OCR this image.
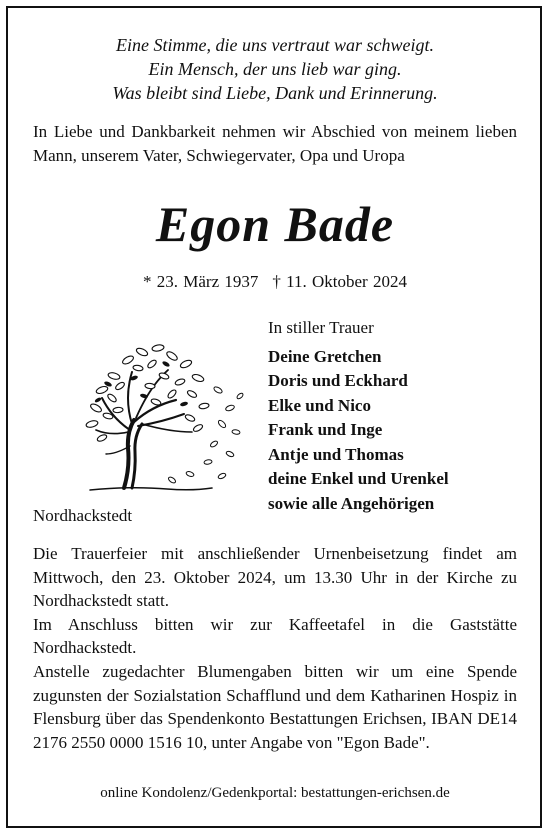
Eine Stimme, die uns vertraut war schweigt.
Ein Mensch, der uns lieb war ging.
Was bleibt sind Liebe, Dank und Erinnerung.
In Liebe und Dankbarkeit nehmen wir Abschied von meinem lieben Mann, unserem Vater, Schwiegervater, Opa und Uropa
Egon Bade
* 23. März 1937 † 11. Oktober 2024
In stiller Trauer
Deine Gretchen
Doris und Eckhard
Elke und Nico
Frank und Inge
Antje und Thomas
deine Enkel und Urenkel
sowie alle Angehörigen
Nordhackstedt

Die Trauerfeier mit anschließender Urnenbeisetzung findet am Mittwoch, den 23. Oktober 2024, um 13.30 Uhr in der Kirche zu Nordhackstedt statt.

Im Anschluss bitten wir zur Kaffeetafel in die Gaststätte Nordhackstedt.

Anstelle zugedachter Blumengaben bitten wir um eine Spende zugunsten der Sozialstation Schafflund und dem Katharinen Hospiz in Flensburg über das Spendenkonto Bestattungen Erichsen, IBAN DE14 2176 2550 0000 1516 10, unter Angabe von "Egon Bade".

online Kondolenz/Gedenkportal: bestattungen-erichsen.de
